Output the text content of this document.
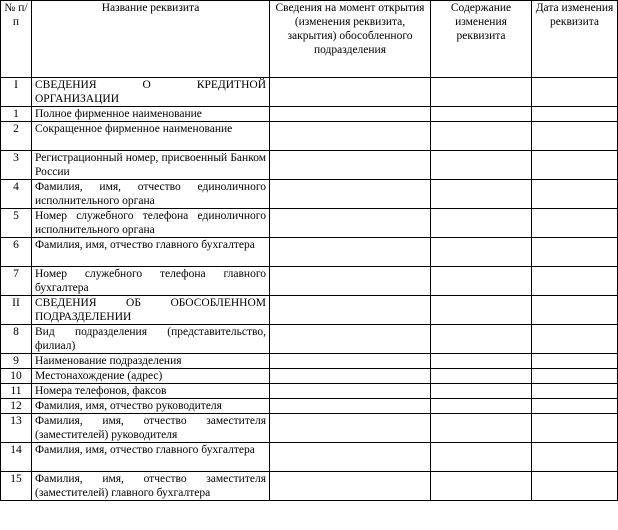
№ п/п	Название реквизита	Сведения на момент открытия (изменения реквизита, закрытия) обособленного подразделения	Содержание изменения реквизита	Дата изменения реквизита
I	СВЕДЕНИЯ О КРЕДИТНОЙ ОРГАНИЗАЦИИ			
1	Полное фирменное наименование			
2	Сокращенное фирменное наименование			
3	Регистрационный номер, присвоенный Банком России			
4	Фамилия, имя, отчество единоличного исполнительного органа			
5	Номер служебного телефона единоличного исполнительного органа			
6	Фамилия, имя, отчество главного бухгалтера			
7	Номер служебного телефона главного бухгалтера			
II	СВЕДЕНИЯ ОБ ОБОСОБЛЕННОМ ПОДРАЗДЕЛЕНИИ			
8	Вид подразделения (представительство, филиал)			
9	Наименование подразделения			
10	Местонахождение (адрес)			
11	Номера телефонов, факсов			
12	Фамилия, имя, отчество руководителя			
13	Фамилия, имя, отчество заместителя (заместителей) руководителя			
14	Фамилия, имя, отчество главного бухгалтера			
15	Фамилия, имя, отчество заместителя (заместителей) главного бухгалтера			
